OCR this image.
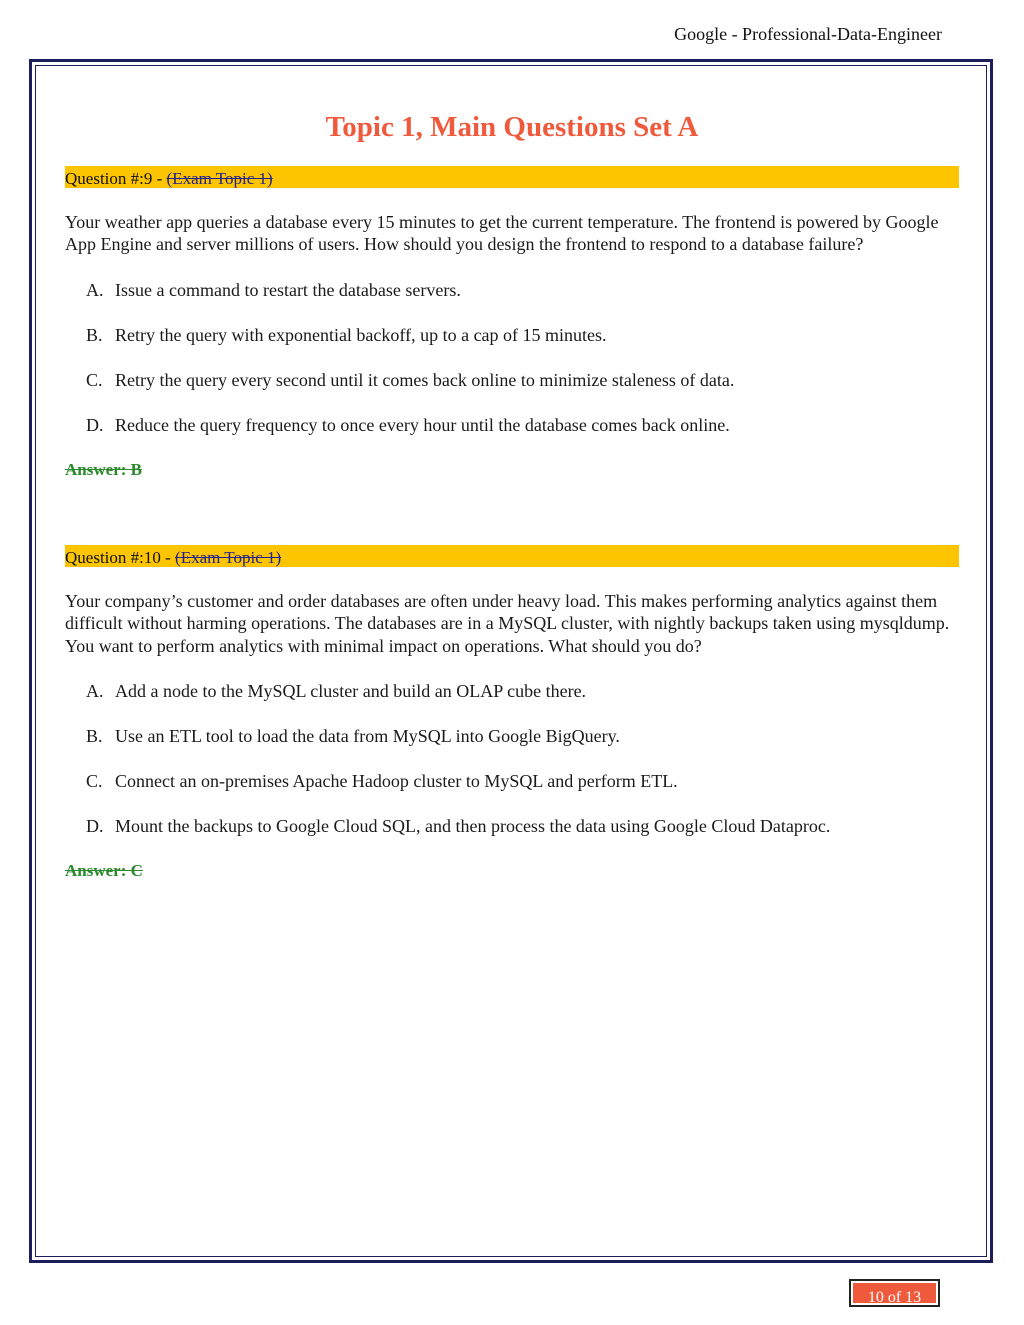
Google - Professional-Data-Engineer
Topic 1, Main Questions Set A
Question #:9 - (Exam Topic 1)

Your weather app queries a database every 15 minutes to get the current temperature. The frontend is powered by Google App Engine and server millions of users. How should you design the frontend to respond to a database failure?

A. Issue a command to restart the database servers.
B. Retry the query with exponential backoff, up to a cap of 15 minutes.
C. Retry the query every second until it comes back online to minimize staleness of data.
D. Reduce the query frequency to once every hour until the database comes back online.
Answer: B
Question #:10 - (Exam Topic 1)

Your company’s customer and order databases are often under heavy load. This makes performing analytics against them difficult without harming operations. The databases are in a MySQL cluster, with nightly backups taken using mysqldump. You want to perform analytics with minimal impact on operations. What should you do?

A. Add a node to the MySQL cluster and build an OLAP cube there.
B. Use an ETL tool to load the data from MySQL into Google BigQuery.
C. Connect an on-premises Apache Hadoop cluster to MySQL and perform ETL.
D. Mount the backups to Google Cloud SQL, and then process the data using Google Cloud Dataproc.
Answer: C
10 of 13
